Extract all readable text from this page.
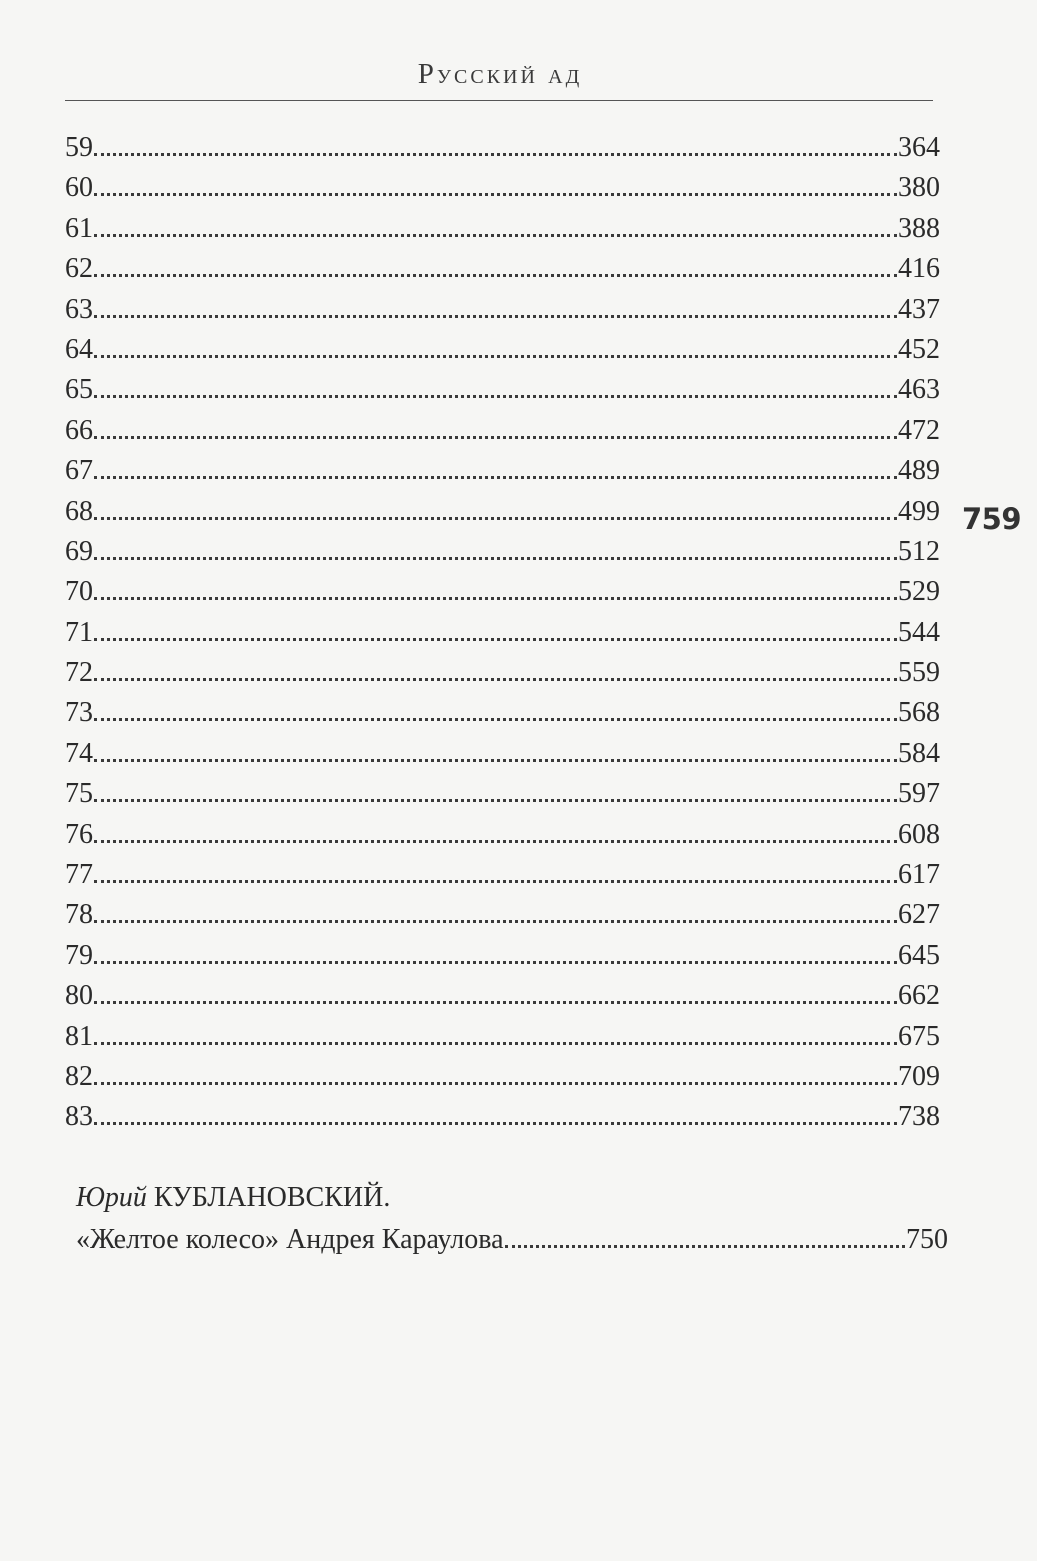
Русский ад
759
59	364
60	380
61	388
62	416
63	437
64	452
65	463
66	472
67	489
68	499
69	512
70	529
71	544
72	559
73	568
74	584
75	597
76	608
77	617
78	627
79	645
80	662
81	675
82	709
83	738
Юрий КУБЛАНОВСКИЙ.
«Желтое колесо» Андрея Караулова	750
